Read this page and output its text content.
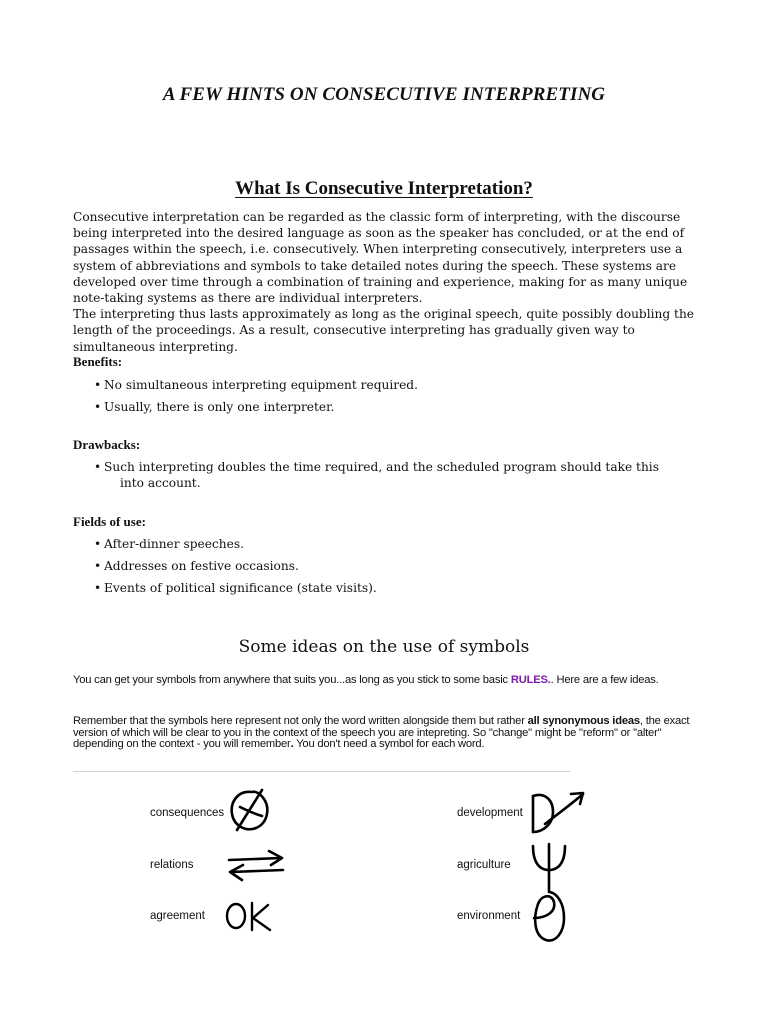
A FEW HINTS ON CONSECUTIVE INTERPRETING
What Is Consecutive Interpretation?

Consecutive interpretation can be regarded as the classic form of interpreting, with the discourse being interpreted into the desired language as soon as the speaker has concluded, or at the end of passages within the speech, i.e. consecutively. When interpreting consecutively, interpreters use a system of abbreviations and symbols to take detailed notes during the speech. These systems are developed over time through a combination of training and experience, making for as many unique note-taking systems as there are individual interpreters.

The interpreting thus lasts approximately as long as the original speech, quite possibly doubling the length of the proceedings. As a result, consecutive interpreting has gradually given way to simultaneous interpreting.

Benefits:
• No simultaneous interpreting equipment required.
• Usually, there is only one interpreter.
Drawbacks:
• Such interpreting doubles the time required, and the scheduled program should take this into account.
Fields of use:
• After-dinner speeches.
• Addresses on festive occasions.
• Events of political significance (state visits).
Some ideas on the use of symbols
You can get your symbols from anywhere that suits you...as long as you stick to some basic RULES.. Here are a few ideas.
Remember that the symbols here represent not only the word written alongside them but rather all synonymous ideas, the exact version of which will be clear to you in the context of the speech you are intepreting. So "change" might be "reform" or "alter" depending on the context - you will remember. You don't need a symbol for each word.
consequences
relations
agreement
development
agriculture
environment
